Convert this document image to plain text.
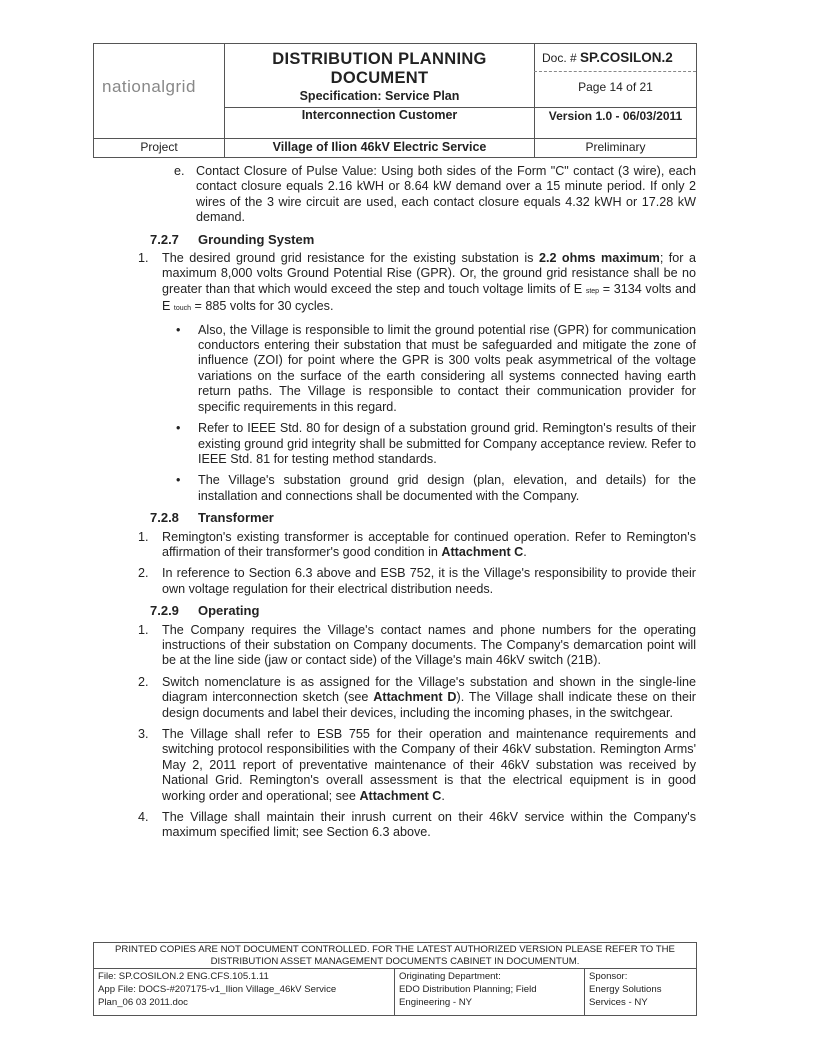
nationalgrid
DISTRIBUTION PLANNING DOCUMENT
Specification: Service Plan
Interconnection Customer
Doc. # SP.COSILON.2
Page 14 of 21
Version 1.0 - 06/03/2011
Project	Village of Ilion 46kV Electric Service	Preliminary
e. Contact Closure of Pulse Value: Using both sides of the Form "C" contact (3 wire), each contact closure equals 2.16 kWH or 8.64 kW demand over a 15 minute period. If only 2 wires of the 3 wire circuit are used, each contact closure equals 4.32 kWH or 17.28 kW demand.
7.2.7 Grounding System
1. The desired ground grid resistance for the existing substation is 2.2 ohms maximum; for a maximum 8,000 volts Ground Potential Rise (GPR). Or, the ground grid resistance shall be no greater than that which would exceed the step and touch voltage limits of E step = 3134 volts and E touch = 885 volts for 30 cycles.
• Also, the Village is responsible to limit the ground potential rise (GPR) for communication conductors entering their substation that must be safeguarded and mitigate the zone of influence (ZOI) for point where the GPR is 300 volts peak asymmetrical of the voltage variations on the surface of the earth considering all systems connected having earth return paths. The Village is responsible to contact their communication provider for specific requirements in this regard.
• Refer to IEEE Std. 80 for design of a substation ground grid. Remington's results of their existing ground grid integrity shall be submitted for Company acceptance review. Refer to IEEE Std. 81 for testing method standards.
• The Village's substation ground grid design (plan, elevation, and details) for the installation and connections shall be documented with the Company.
7.2.8 Transformer
1. Remington's existing transformer is acceptable for continued operation. Refer to Remington's affirmation of their transformer's good condition in Attachment C.
2. In reference to Section 6.3 above and ESB 752, it is the Village's responsibility to provide their own voltage regulation for their electrical distribution needs.
7.2.9 Operating
1. The Company requires the Village's contact names and phone numbers for the operating instructions of their substation on Company documents. The Company's demarcation point will be at the line side (jaw or contact side) of the Village's main 46kV switch (21B).
2. Switch nomenclature is as assigned for the Village's substation and shown in the single-line diagram interconnection sketch (see Attachment D). The Village shall indicate these on their design documents and label their devices, including the incoming phases, in the switchgear.
3. The Village shall refer to ESB 755 for their operation and maintenance requirements and switching protocol responsibilities with the Company of their 46kV substation. Remington Arms' May 2, 2011 report of preventative maintenance of their 46kV substation was received by National Grid. Remington's overall assessment is that the electrical equipment is in good working order and operational; see Attachment C.
4. The Village shall maintain their inrush current on their 46kV service within the Company's maximum specified limit; see Section 6.3 above.
PRINTED COPIES ARE NOT DOCUMENT CONTROLLED. FOR THE LATEST AUTHORIZED VERSION PLEASE REFER TO THE
DISTRIBUTION ASSET MANAGEMENT DOCUMENTS CABINET IN DOCUMENTUM.
File: SP.COSILON.2 ENG.CFS.105.1.11
App File: DOCS-#207175-v1_Ilion Village_46kV Service
Plan_06 03 2011.doc
Originating Department:
EDO Distribution Planning; Field
Engineering - NY
Sponsor:
Energy Solutions
Services - NY
